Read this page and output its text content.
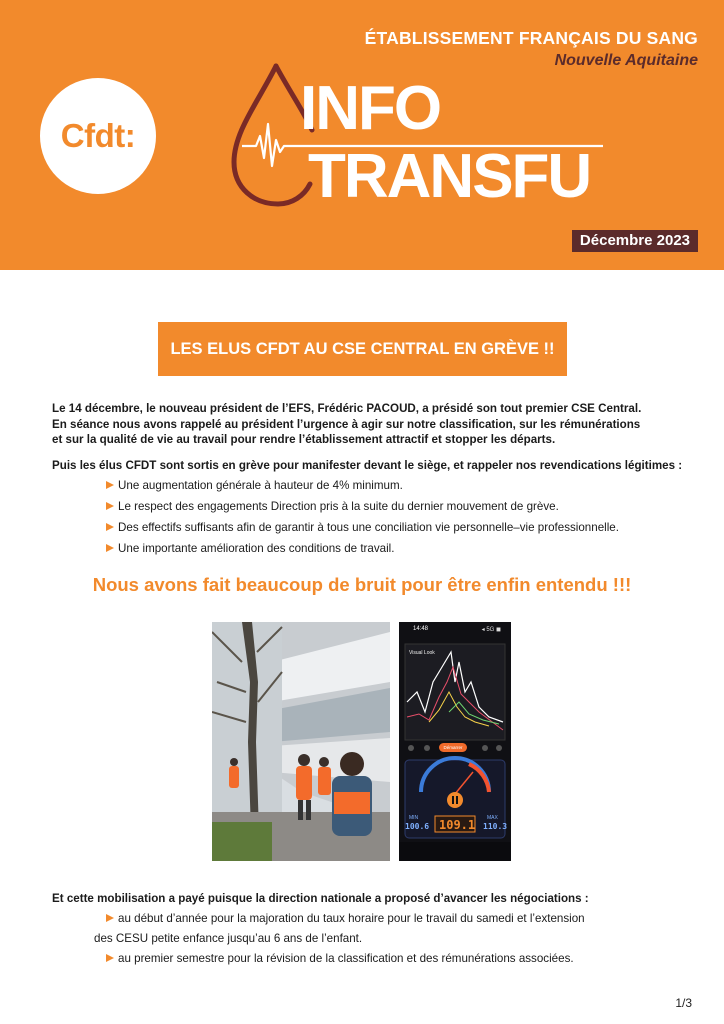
ÉTABLISSEMENT FRANÇAIS DU SANG
Nouvelle Aquitaine
Cfdt:	INFO
TRANSFU
Décembre 2023
LES ELUS CFDT AU CSE CENTRAL EN GRÈVE !!
Le 14 décembre, le nouveau président de l’EFS, Frédéric PACOUD, a présidé son tout premier CSE Central.
En séance nous avons rappelé au président l’urgence à agir sur notre classification, sur les rémunérations
et sur la qualité de vie au travail pour rendre l’établissement attractif et stopper les départs.
Puis les élus CFDT sont sortis en grève pour manifester devant le siège, et rappeler nos revendications légitimes :
Une augmentation générale à hauteur de 4% minimum.
Le respect des engagements Direction pris à la suite du dernier mouvement de grève.
Des effectifs suffisants afin de garantir à tous une conciliation vie personnelle–vie professionnelle.
Une importante amélioration des conditions de travail.
Nous avons fait beaucoup de bruit pour être enfin entendu !!!
14:48	◂ 5G ◼
Visual Look
Démarrer
MIN	MAX
100.6 109.1 110.3
Et cette mobilisation a payé puisque la direction nationale a proposé d’avancer les négociations :
au début d’année pour la majoration du taux horaire pour le travail du samedi et l’extension
des CESU petite enfance jusqu’au 6 ans de l’enfant.
au premier semestre pour la révision de la classification et des rémunérations associées.
1/3
